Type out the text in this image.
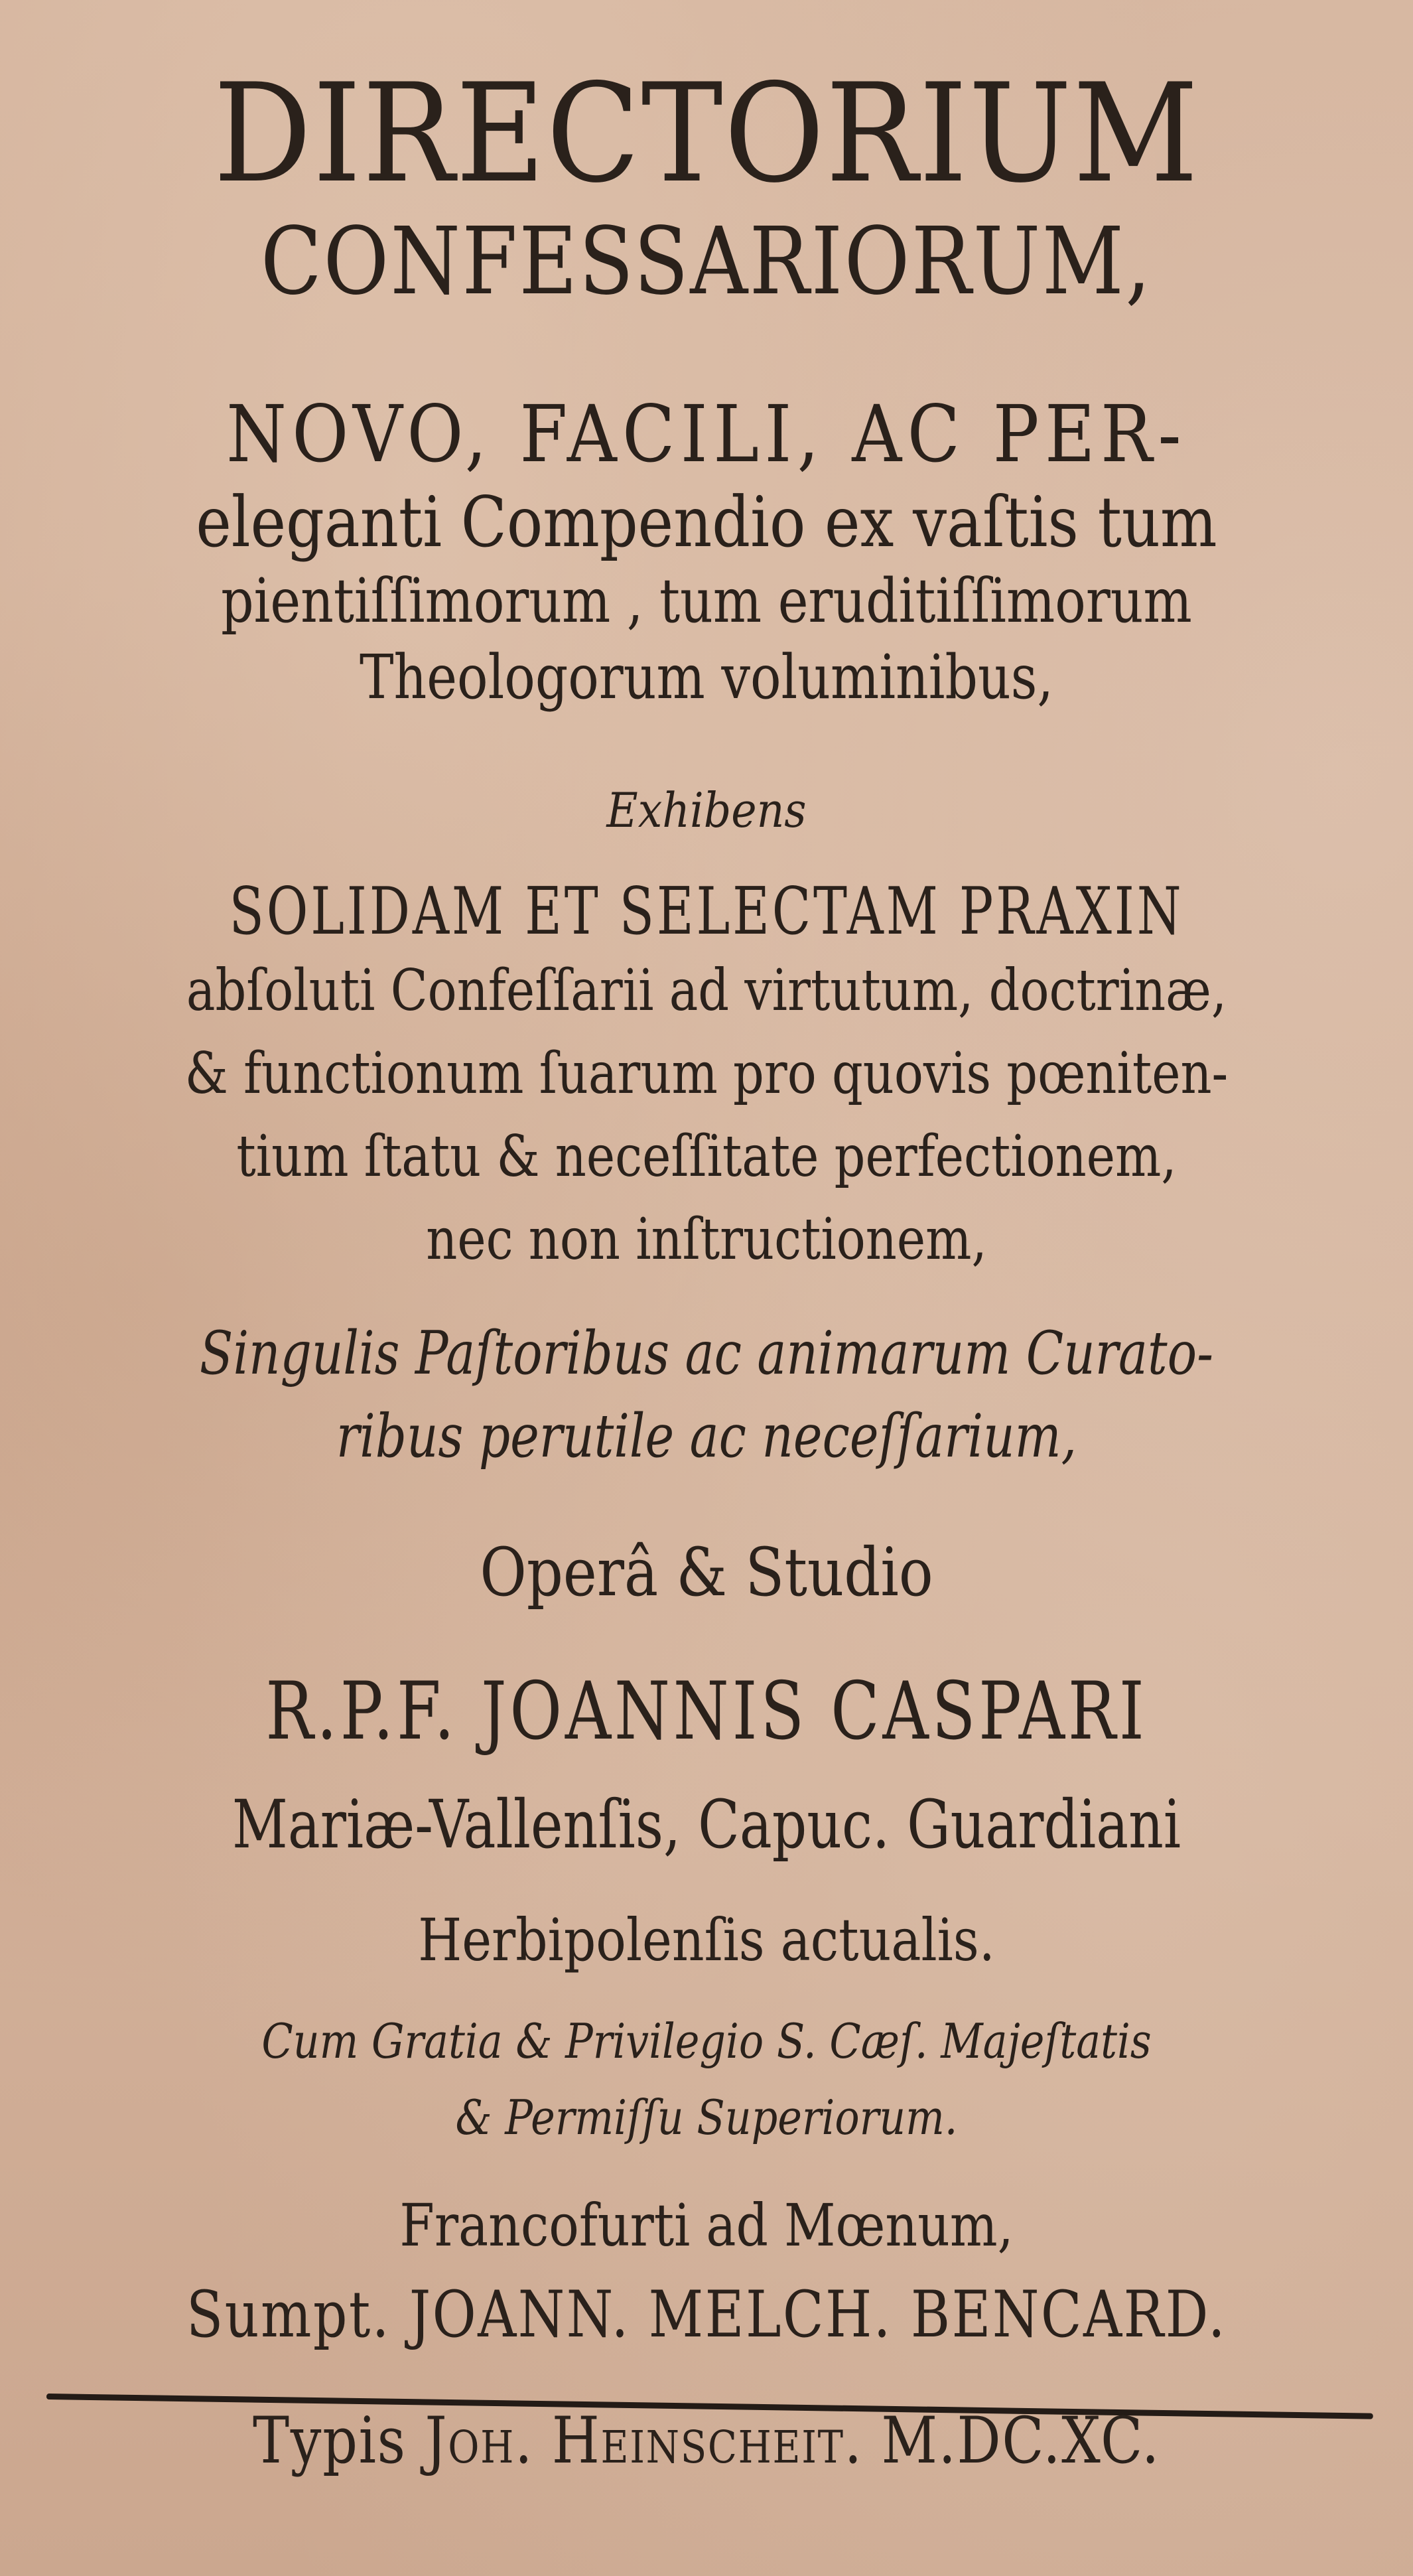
DIRECTORIUM
CONFESSARIORUM,
NOVO, FACILI, AC PER-
eleganti Compendio ex vaſtis tum
pientiſſimorum , tum eruditiſſimorum
Theologorum voluminibus,
Exhibens
SOLIDAM ET SELECTAM PRAXIN
abſoluti Confeſſarii ad virtutum, doctrinæ,
& functionum ſuarum pro quovis pœniten-
tium ſtatu & neceſſitate perfectionem,
nec non inſtructionem,
Singulis Paſtoribus ac animarum Curato-
ribus perutile ac neceſſarium,
Operâ & Studio
R.P.F. JOANNIS CASPARI
Mariæ-Vallenſis, Capuc. Guardiani
Herbipolenſis actualis.
Cum Gratia & Privilegio S. Cæſ. Majeſtatis
& Permiſſu Superiorum.
Francofurti ad Mœnum,
Sumpt. JOANN. MELCH. BENCARD.
Typis Joh. Heinscheit. M.DC.XC.
